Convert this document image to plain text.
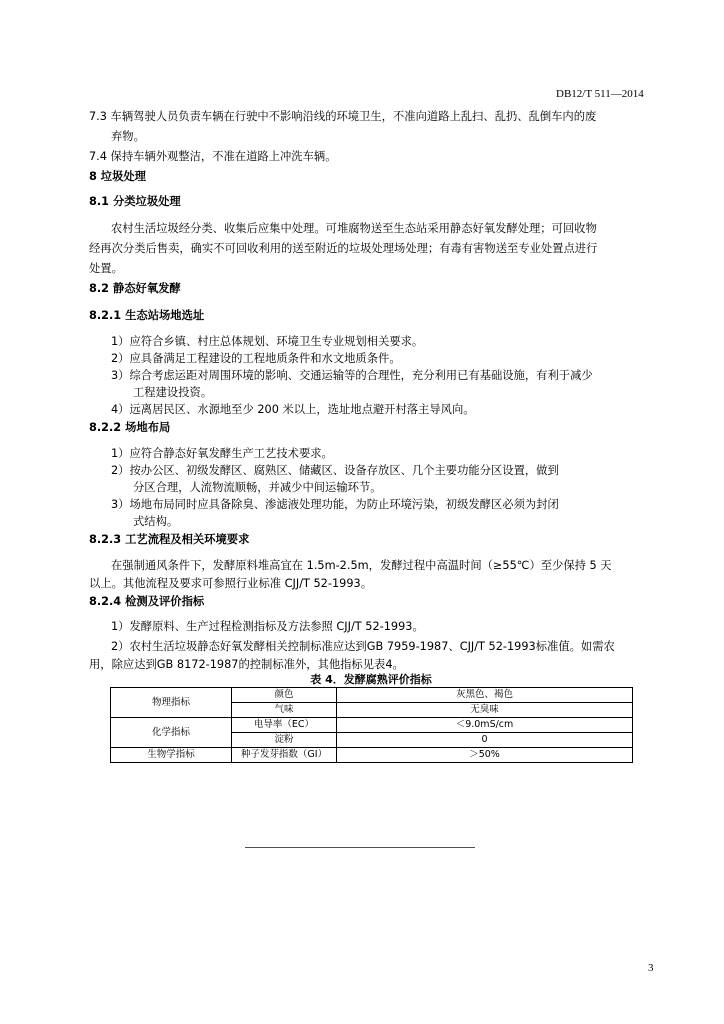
DB12/T 511—2014
7.3 车辆驾驶人员负责车辆在行驶中不影响沿线的环境卫生，不准向道路上乱扫、乱扔、乱倒车内的废
弃物。
7.4 保持车辆外观整洁，不准在道路上冲洗车辆。
8 垃圾处理
8.1 分类垃圾处理
农村生活垃圾经分类、收集后应集中处理。可堆腐物送至生态站采用静态好氧发酵处理；可回收物
经再次分类后售卖，确实不可回收利用的送至附近的垃圾处理场处理；有毒有害物送至专业处置点进行
处置。
8.2 静态好氧发酵
8.2.1 生态站场地选址
1）应符合乡镇、村庄总体规划、环境卫生专业规划相关要求。
2）应具备满足工程建设的工程地质条件和水文地质条件。
3）综合考虑运距对周围环境的影响、交通运输等的合理性，充分利用已有基础设施，有利于减少
工程建设投资。
4）远离居民区、水源地至少 200 米以上，选址地点避开村落主导风向。
8.2.2 场地布局
1）应符合静态好氧发酵生产工艺技术要求。
2）按办公区、初级发酵区、腐熟区、储藏区、设备存放区、几个主要功能分区设置，做到
分区合理，人流物流顺畅，并减少中间运输环节。
3）场地布局同时应具备除臭、渗滤液处理功能，为防止环境污染，初级发酵区必须为封闭
式结构。
8.2.3 工艺流程及相关环境要求
在强制通风条件下，发酵原料堆高宜在 1.5m-2.5m，发酵过程中高温时间（≥55℃）至少保持 5 天
以上。其他流程及要求可参照行业标准 CJJ/T 52-1993。
8.2.4 检测及评价指标
1）发酵原料、生产过程检测指标及方法参照 CJJ/T 52-1993。
2）农村生活垃圾静态好氧发酵相关控制标准应达到GB 7959-1987、CJJ/T 52-1993标准值。如需农
用，除应达到GB 8172-1987的控制标准外，其他指标见表4。
表 4．发酵腐熟评价指标
物理指标	颜色	灰黑色、褐色
	气味	无臭味
化学指标	电导率（EC）	＜9.0mS/cm
	淀粉	0
生物学指标	种子发芽指数（GI）	＞50%
3
